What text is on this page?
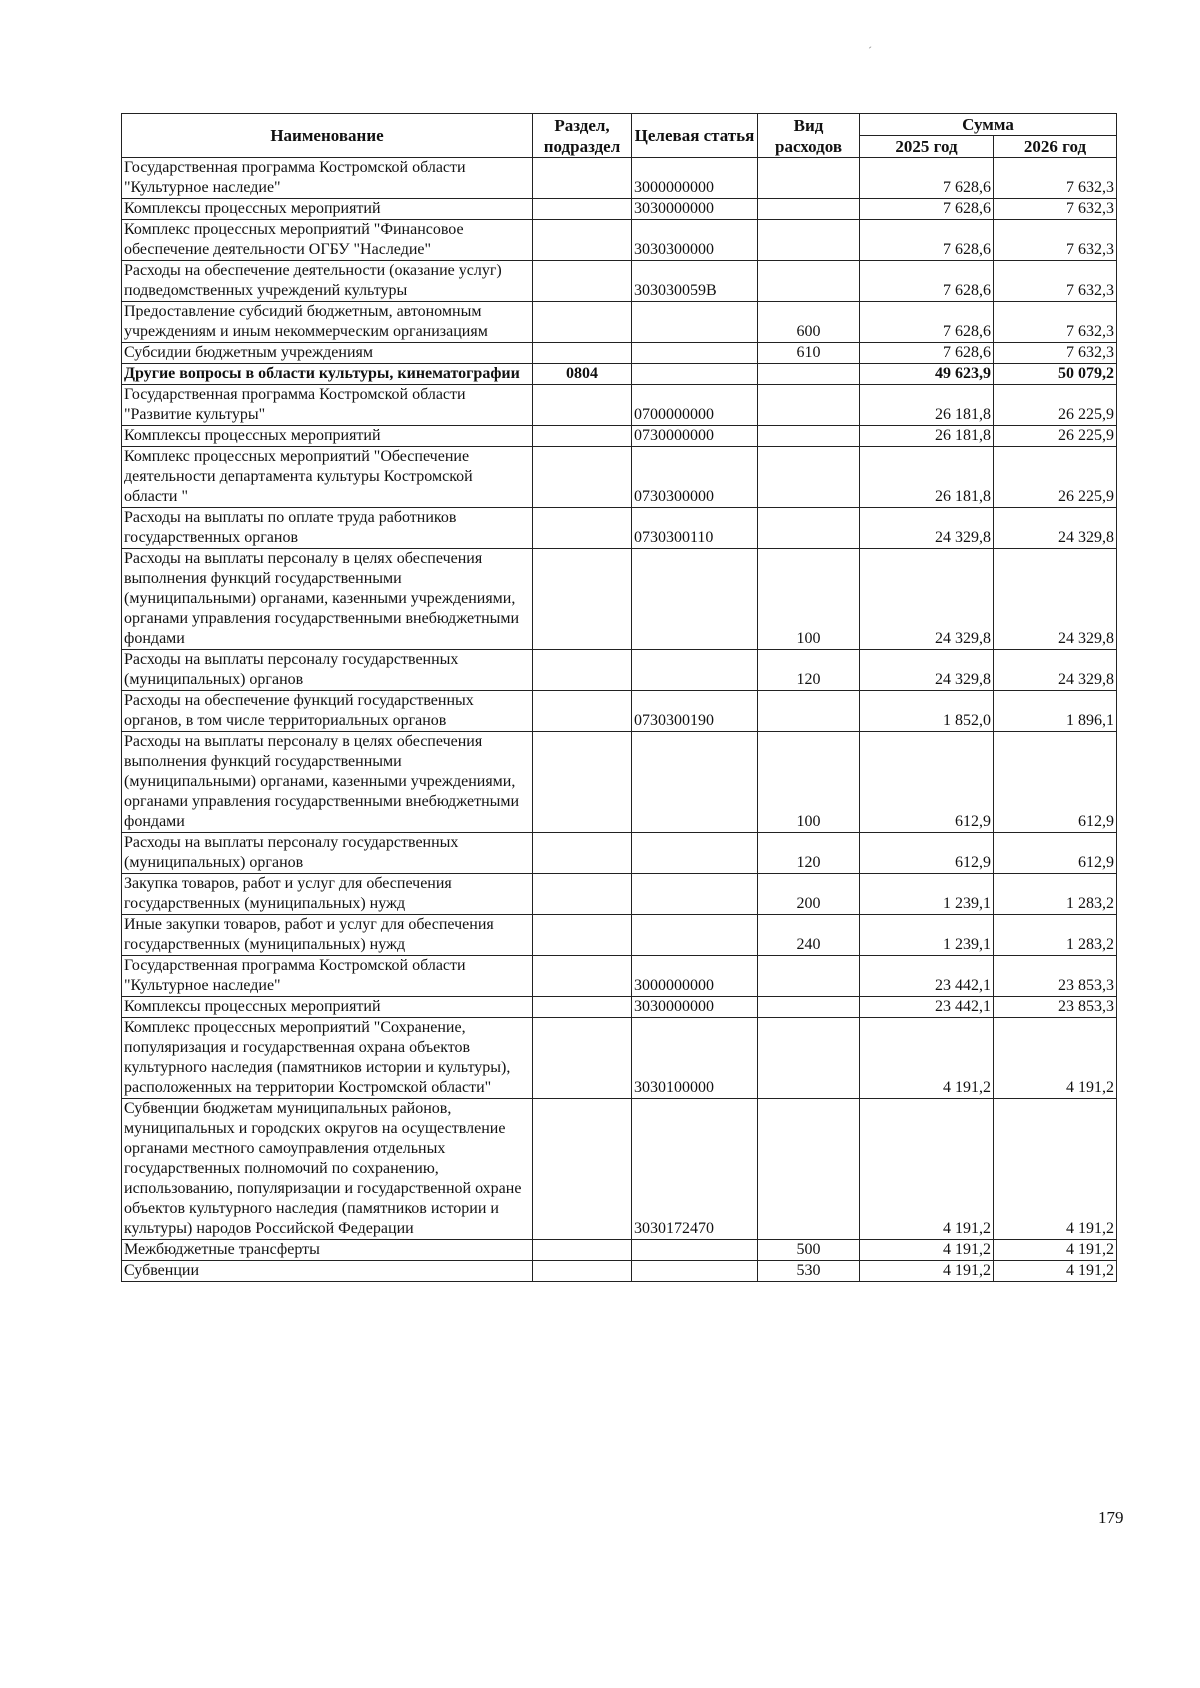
ˊ
Наименование	Раздел, подраздел	Целевая статья	Вид расходов	Сумма	
				2025 год	2026 год
Государственная программа Костромской области "Культурное наследие"		3000000000		7 628,6	7 632,3
Комплексы процессных мероприятий		3030000000		7 628,6	7 632,3
Комплекс процессных мероприятий "Финансовое обеспечение деятельности ОГБУ "Наследие"		3030300000		7 628,6	7 632,3
Расходы на обеспечение деятельности (оказание услуг) подведомственных учреждений культуры		303030059В		7 628,6	7 632,3
Предоставление субсидий бюджетным, автономным учреждениям и иным некоммерческим организациям			600	7 628,6	7 632,3
Субсидии бюджетным учреждениям			610	7 628,6	7 632,3
Другие вопросы в области культуры, кинематографии	0804			49 623,9	50 079,2
Государственная программа Костромской области "Развитие культуры"		0700000000		26 181,8	26 225,9
Комплексы процессных мероприятий		0730000000		26 181,8	26 225,9
Комплекс процессных мероприятий "Обеспечение деятельности департамента культуры Костромской области "		0730300000		26 181,8	26 225,9
Расходы на выплаты по оплате труда работников государственных органов		0730300110		24 329,8	24 329,8
Расходы на выплаты персоналу в целях обеспечения выполнения функций государственными (муниципальными) органами, казенными учреждениями, органами управления государственными внебюджетными фондами			100	24 329,8	24 329,8
Расходы на выплаты персоналу государственных (муниципальных) органов			120	24 329,8	24 329,8
Расходы на обеспечение функций государственных органов, в том числе территориальных органов		0730300190		1 852,0	1 896,1
Расходы на выплаты персоналу в целях обеспечения выполнения функций государственными (муниципальными) органами, казенными учреждениями, органами управления государственными внебюджетными фондами			100	612,9	612,9
Расходы на выплаты персоналу государственных (муниципальных) органов			120	612,9	612,9
Закупка товаров, работ и услуг для обеспечения государственных (муниципальных) нужд			200	1 239,1	1 283,2
Иные закупки товаров, работ и услуг для обеспечения государственных (муниципальных) нужд			240	1 239,1	1 283,2
Государственная программа Костромской области "Культурное наследие"		3000000000		23 442,1	23 853,3
Комплексы процессных мероприятий		3030000000		23 442,1	23 853,3
Комплекс процессных мероприятий "Сохранение, популяризация и государственная охрана объектов культурного наследия (памятников истории и культуры), расположенных на территории Костромской области"		3030100000		4 191,2	4 191,2
Субвенции бюджетам муниципальных районов, муниципальных и городских округов на осуществление органами местного самоуправления отдельных государственных полномочий по сохранению, использованию, популяризации и государственной охране объектов культурного наследия (памятников истории и культуры) народов Российской Федерации		3030172470		4 191,2	4 191,2
Межбюджетные трансферты			500	4 191,2	4 191,2
Субвенции			530	4 191,2	4 191,2
179
